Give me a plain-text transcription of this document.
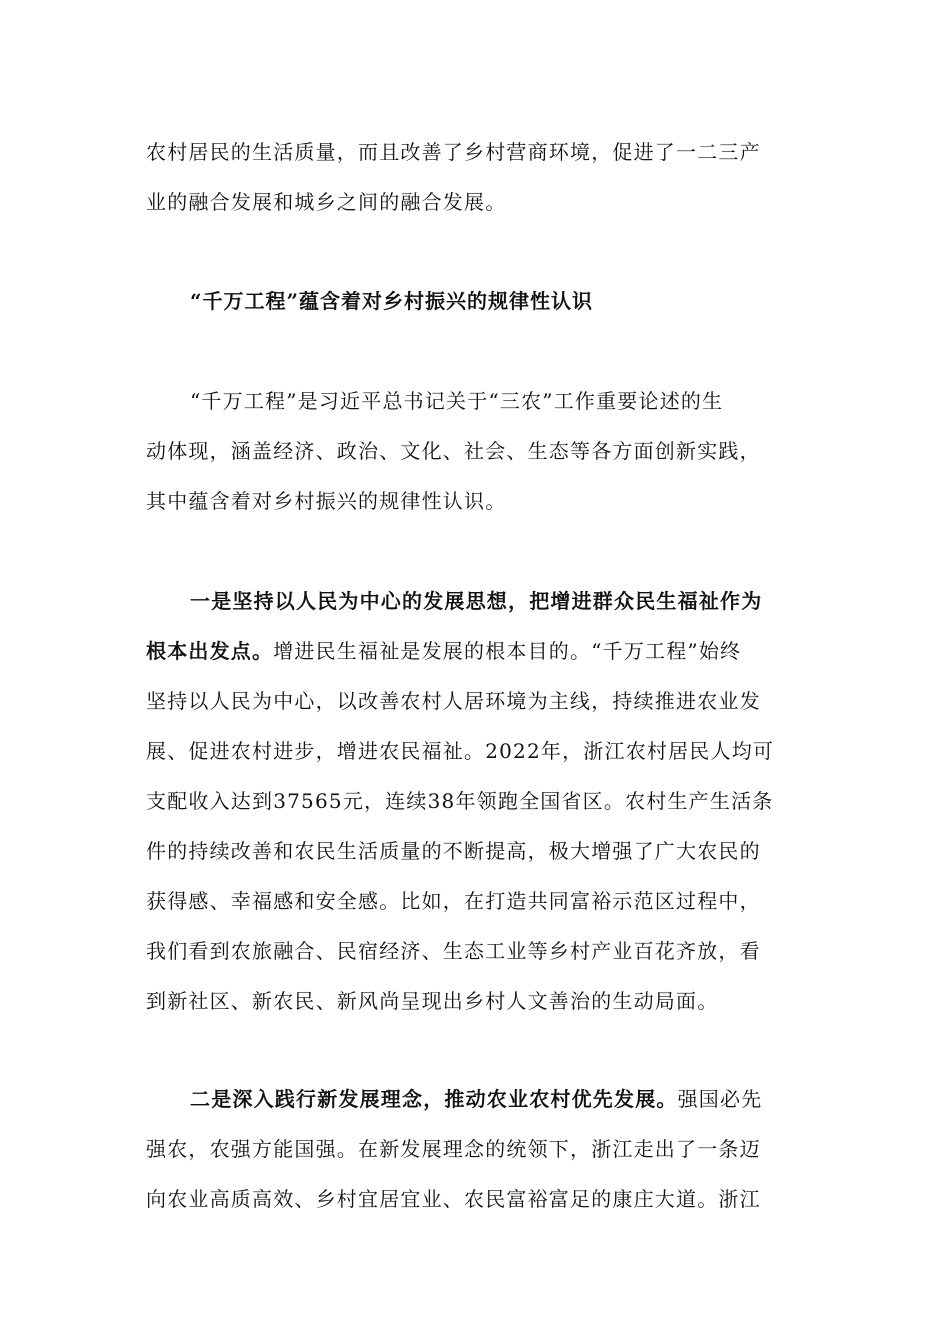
农村居民的生活质量，而且改善了乡村营商环境，促进了一二三产
业的融合发展和城乡之间的融合发展。
“千万工程”蕴含着对乡村振兴的规律性认识
“千万工程”是习近平总书记关于“三农”工作重要论述的生
动体现，涵盖经济、政治、文化、社会、生态等各方面创新实践，
其中蕴含着对乡村振兴的规律性认识。
一是坚持以人民为中心的发展思想，把增进群众民生福祉作为
根本出发点。增进民生福祉是发展的根本目的。“千万工程”始终
坚持以人民为中心，以改善农村人居环境为主线，持续推进农业发
展、促进农村进步，增进农民福祉。2022年，浙江农村居民人均可
支配收入达到37565元，连续38年领跑全国省区。农村生产生活条
件的持续改善和农民生活质量的不断提高，极大增强了广大农民的
获得感、幸福感和安全感。比如，在打造共同富裕示范区过程中，
我们看到农旅融合、民宿经济、生态工业等乡村产业百花齐放，看
到新社区、新农民、新风尚呈现出乡村人文善治的生动局面。
二是深入践行新发展理念，推动农业农村优先发展。强国必先
强农，农强方能国强。在新发展理念的统领下，浙江走出了一条迈
向农业高质高效、乡村宜居宜业、农民富裕富足的康庄大道。浙江
